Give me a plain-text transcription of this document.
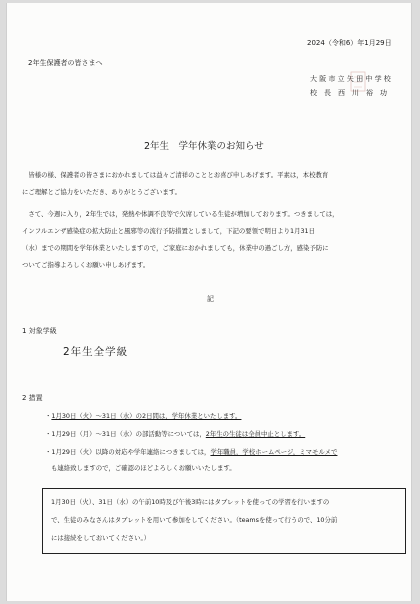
2024（令和6）年1月29日
2年生保護者の皆さまへ
大 阪 市 立 矢 田 中 学 校
校　長　西　川　裕　功
2年生　学年休業のお知らせ
　皆様の様、保護者の皆さまにおかれましては益々ご清祥のこととお喜び申しあげます。平素は，本校教育
にご理解とご協力をいただき、ありがとうございます。
　さて、今週に入り，2年生では，発熱や体調不良等で欠席している生徒が増加しております。つきましては，
インフルエンザ感染症の拡大防止と風邪等の流行予防措置としまして，下記の要領で明日より1月31日
（水）までの期間を学年休業といたしますので，ご家庭におかれましても，休業中の過ごし方，感染予防に
ついてご指導よろしくお願い申しあげます。
記
1 対象学級
2年生全学級
2 措置
・1月30日（火）～31日（水）の2日間は，学年休業といたします。
・1月29日（月）～31日（水）の部活動等については，2年生の生徒は全員中止とします。
・1月29日（火）以降の対応や学年連絡につきましては，学年職員，学校ホームページ，ミマモルメで
も連絡致しますので，ご確認のほどよろしくお願いいたします。
1月30日（火）、31日（水）の午前10時及び午後3時にはタブレットを使っての学習を行いますの
で、生徒のみなさんはタブレットを用いて参加をしてください。（teamsを使って行うので、10分前
には接続をしておいてください。）
